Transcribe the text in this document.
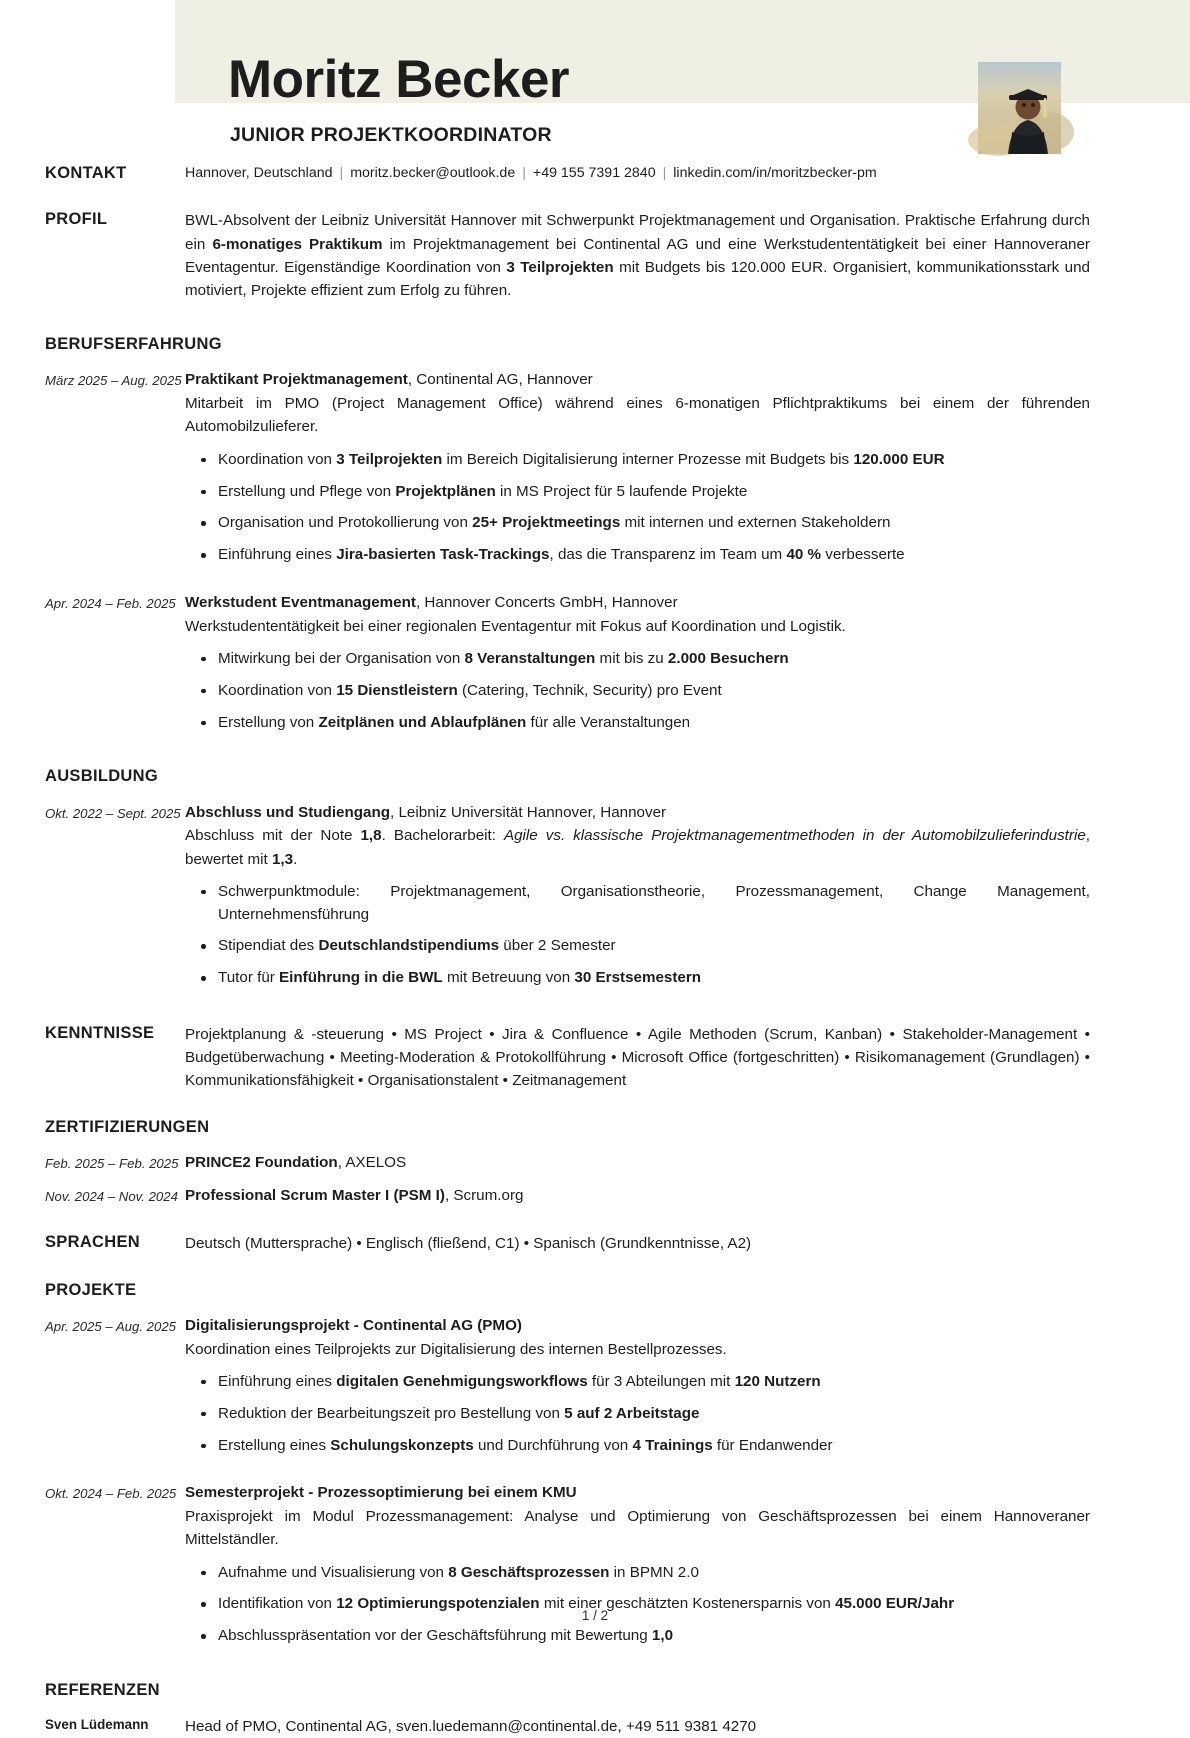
Moritz Becker
JUNIOR PROJEKTKOORDINATOR
KONTAKT	Hannover, Deutschland | moritz.becker@outlook.de | +49 155 7391 2840 | linkedin.com/in/moritzbecker-pm
PROFIL	BWL-Absolvent der Leibniz Universität Hannover mit Schwerpunkt Projektmanagement und Organisation. Praktische Erfahrung durch ein 6-monatiges Praktikum im Projektmanagement bei Continental AG und eine Werkstudententätigkeit bei einer Hannoveraner Eventagentur. Eigenständige Koordination von 3 Teilprojekten mit Budgets bis 120.000 EUR. Organisiert, kommunikationsstark und motiviert, Projekte effizient zum Erfolg zu führen.
BERUFSERFAHRUNG
März 2025 – Aug. 2025 Praktikant Projektmanagement, Continental AG, Hannover
Mitarbeit im PMO (Project Management Office) während eines 6-monatigen Pflichtpraktikums bei einem der führenden Automobilzulieferer.
Koordination von 3 Teilprojekten im Bereich Digitalisierung interner Prozesse mit Budgets bis 120.000 EUR
Erstellung und Pflege von Projektplänen in MS Project für 5 laufende Projekte
Organisation und Protokollierung von 25+ Projektmeetings mit internen und externen Stakeholdern
Einführung eines Jira-basierten Task-Trackings, das die Transparenz im Team um 40 % verbesserte
Apr. 2024 – Feb. 2025 Werkstudent Eventmanagement, Hannover Concerts GmbH, Hannover
Werkstudententätigkeit bei einer regionalen Eventagentur mit Fokus auf Koordination und Logistik.
Mitwirkung bei der Organisation von 8 Veranstaltungen mit bis zu 2.000 Besuchern
Koordination von 15 Dienstleistern (Catering, Technik, Security) pro Event
Erstellung von Zeitplänen und Ablaufplänen für alle Veranstaltungen
AUSBILDUNG
Okt. 2022 – Sept. 2025 Abschluss und Studiengang, Leibniz Universität Hannover, Hannover
Abschluss mit der Note 1,8. Bachelorarbeit: Agile vs. klassische Projektmanagementmethoden in der Automobilzulieferindustrie, bewertet mit 1,3.
Schwerpunktmodule: Projektmanagement, Organisationstheorie, Prozessmanagement, Change Management, Unternehmensführung
Stipendiat des Deutschlandstipendiums über 2 Semester
Tutor für Einführung in die BWL mit Betreuung von 30 Erstsemestern
KENNTNISSE	Projektplanung & -steuerung • MS Project • Jira & Confluence • Agile Methoden (Scrum, Kanban) • Stakeholder-Management • Budgetüberwachung • Meeting-Moderation & Protokollführung • Microsoft Office (fortgeschritten) • Risikomanagement (Grundlagen) • Kommunikationsfähigkeit • Organisationstalent • Zeitmanagement
ZERTIFIZIERUNGEN
Feb. 2025 – Feb. 2025 PRINCE2 Foundation, AXELOS
Nov. 2024 – Nov. 2024 Professional Scrum Master I (PSM I), Scrum.org
SPRACHEN	Deutsch (Muttersprache) • Englisch (fließend, C1) • Spanisch (Grundkenntnisse, A2)
PROJEKTE
Apr. 2025 – Aug. 2025 Digitalisierungsprojekt - Continental AG (PMO)
Koordination eines Teilprojekts zur Digitalisierung des internen Bestellprozesses.
Einführung eines digitalen Genehmigungsworkflows für 3 Abteilungen mit 120 Nutzern
Reduktion der Bearbeitungszeit pro Bestellung von 5 auf 2 Arbeitstage
Erstellung eines Schulungskonzepts und Durchführung von 4 Trainings für Endanwender
Okt. 2024 – Feb. 2025 Semesterprojekt - Prozessoptimierung bei einem KMU
Praxisprojekt im Modul Prozessmanagement: Analyse und Optimierung von Geschäftsprozessen bei einem Hannoveraner Mittelständler.
Aufnahme und Visualisierung von 8 Geschäftsprozessen in BPMN 2.0
Identifikation von 12 Optimierungspotenzialen mit einer geschätzten Kostenersparnis von 45.000 EUR/Jahr
Abschlusspräsentation vor der Geschäftsführung mit Bewertung 1,0
REFERENZEN
Sven Lüdemann	Head of PMO, Continental AG, sven.luedemann@continental.de, +49 511 9381 4270
1 / 2
